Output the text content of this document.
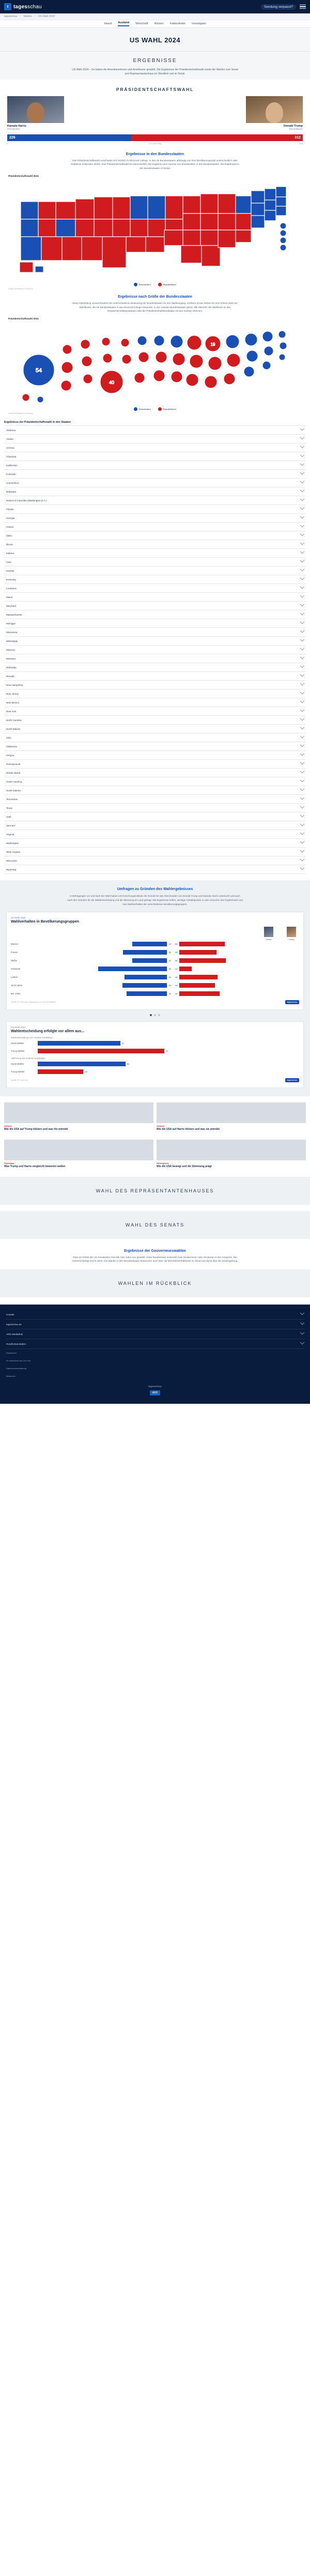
t tagesschau	Sendung verpasst?
tagesschau › Wahlen › US-Wahl 2024
Inland Ausland Wirtschaft Wissen Faktenfinder Investigativ
US WAHL 2024
ERGEBNISSE

US-Wahl 2024 – So haben die Amerikanerinnen und Amerikaner gewählt. Die Ergebnisse der Präsidentschaftswahl sowie der Wahlen zum Senat und Repräsentantenhaus im Überblick und im Detail.

PRÄSIDENTSCHAFTSWAHL
Kamala Harris
Demokraten
Donald Trump
Republikaner
226	312
0	270 zum Sieg	538
Ergebnisse in den Bundesstaaten

Das Präsidentschaftswahl entscheidet sich letztlich im Electoral College. In das die Bundesstaaten abhängig von ihrer Bevölkerungszahl unterschiedlich viele Wahlleute entsenden dürfen. Das Präsidentschaftswahl ist damit letztlich das Ergebnis einer Summe von Einzelwahlen in den Bundesstaaten. Die Ergebnisse in den Bundesstaaten im Detail.

Präsidentschaftswahl 2024
Demokraten	Republikaner
Quelle: AP/Wahlen in America
Ergebnisse nach Größe der Bundesstaaten

Diese Darstellung veranschaulicht die unterschiedliche Bedeutung der Bundesstaaten für den Wahlausgang. Größere Kreise stehen für eine höhere Zahl von Wahlleuten, die ein Bundesstaaten in das Electoral College entsendet. In den meisten Bundesstaaten gehen alle Stimmen der Wahlleute an den Präsidentschaftskandidaten oder die Präsidentschaftskandidatin mit den meisten Stimmen.

Präsidentschaftswahl 2024
54
40
19
Demokraten	Republikaner
Quelle: AP/Wahlen in America
Ergebnisse der Präsidentschaftswahl in den Staaten
Alabama
Alaska
Arizona
Arkansas
Kalifornien
Colorado
Connecticut
Delaware
District of Columbia (Washington D.C.)
Florida
Georgia
Hawaii
Idaho
Illinois
Indiana
Iowa
Kansas
Kentucky
Louisiana
Maine
Maryland
Massachusetts
Michigan
Minnesota
Mississippi
Missouri
Montana
Nebraska
Nevada
New Hampshire
New Jersey
New Mexico
New York
North Carolina
North Dakota
Ohio
Oklahoma
Oregon
Pennsylvania
Rhode Island
South Carolina
South Dakota
Tennessee
Texas
Utah
Vermont
Virginia
Washington
West Virginia
Wisconsin
Wyoming
Umfragen zu Gründen des Wahlergebnisses

In Befragungen vor und nach der Wahl haben US-Forschungsinstitute die Gründe für das Abschneiden von Donald Trump und Kamala Harris untersucht und auch nach den Gründen für die Wahlentscheidung und die Stimmung im Land gefragt. Die Ergebnisse helfen, wichtige Anhaltspunkte zu den Ursachen des Ergebnisses und zum Wahlverhalten der verschiedenen Bevölkerungsgruppen.

US-Wahl 2024
Wahlverhalten in Bevölkerungsgruppen
Harris	Trump
Männer	42	55
Frauen	53	45
Weiße	42	56
Schwarze	83	15
Latinos	51	46
18-29 Jahre	54	43
65+ Jahre	49	49
Quelle: AP VoteCast / Befragung von 120.000 Wählern	tagesschau
US-Wahl 2024
Wahlentscheidung erfolgte vor allem aus...
Wahlentscheidung zum meisten Kandidaten
Harris-Wähler	47
Trump-Wähler	72
Ablehnung des anderen Kandidaten
Harris-Wähler	50
Trump-Wähler	26
Quelle: AP VoteCast	tagesschau
Analyse
Wie die USA auf Trump blicken und was ihn antreibt
Analyse
Wie die USA auf Harris blicken und was sie antreibt
Reportage
Was Trump und Harris vergleicht bewerten wollen
Hintergrund
Wie die USA bewegt und die Stimmung prägt
WAHL DES REPRÄSENTANTENHAUSES
WAHL DES SENATS
Ergebnisse der Gouverneurswahlen

Etwa ein Drittel der US-Senatssitze sind alle zwei Jahre neu gewählt. Jeder Bundesstaat entsendet zwei Senatorinnen oder Senatoren in den Kongress. Die Amtszeit beträgt sechs Jahre. Die Wahlen in den Bundesstaaten bestimmen auch über die Mehrheitsverhältnisse im Senat und damit über die Gesetzgebung.

WAHLEN IM RÜCKBLICK
Kontakt
tagesschau.de
ARD Mediathek
Rundfunkanstalten
Impressum
Es entschied Uns-Jun Uns
Datenschutzerklärung
Bildrechte
tagesschau
ARD
